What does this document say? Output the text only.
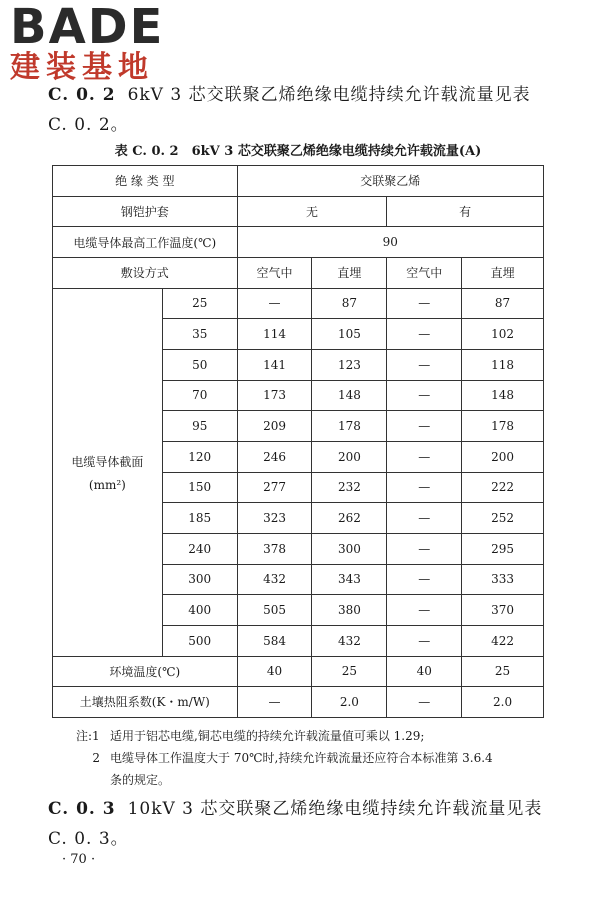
BADE
建装基地
C. 0. 2 6kV 3 芯交联聚乙烯绝缘电缆持续允许载流量见表 C. 0. 2。
表 C. 0. 2　6kV 3 芯交联聚乙烯绝缘电缆持续允许载流量(A)
绝 缘 类 型		交联聚乙烯			
钢铠护套		无		有	
电缆导体最高工作温度(℃)		90			
敷设方式		空气中	直埋	空气中	直埋

电缆导体截面
(mm²)	25	—	87	—	87
	35	114	105	—	102
	50	141	123	—	118
	70	173	148	—	148
	95	209	178	—	178
	120	246	200	—	200
	150	277	232	—	222
	185	323	262	—	252
	240	378	300	—	295
	300	432	343	—	333
	400	505	380	—	370
	500	584	432	—	422
环境温度(℃)		40	25	40	25
土壤热阻系数(K・m/W)		—	2.0	—	2.0
注:1 适用于铝芯电缆,铜芯电缆的持续允许载流量值可乘以 1.29;
2 电缆导体工作温度大于 70℃时,持续允许载流量还应符合本标准第 3.6.4
条的规定。
C. 0. 3 10kV 3 芯交联聚乙烯绝缘电缆持续允许载流量见表 C. 0. 3。
· 70 ·
